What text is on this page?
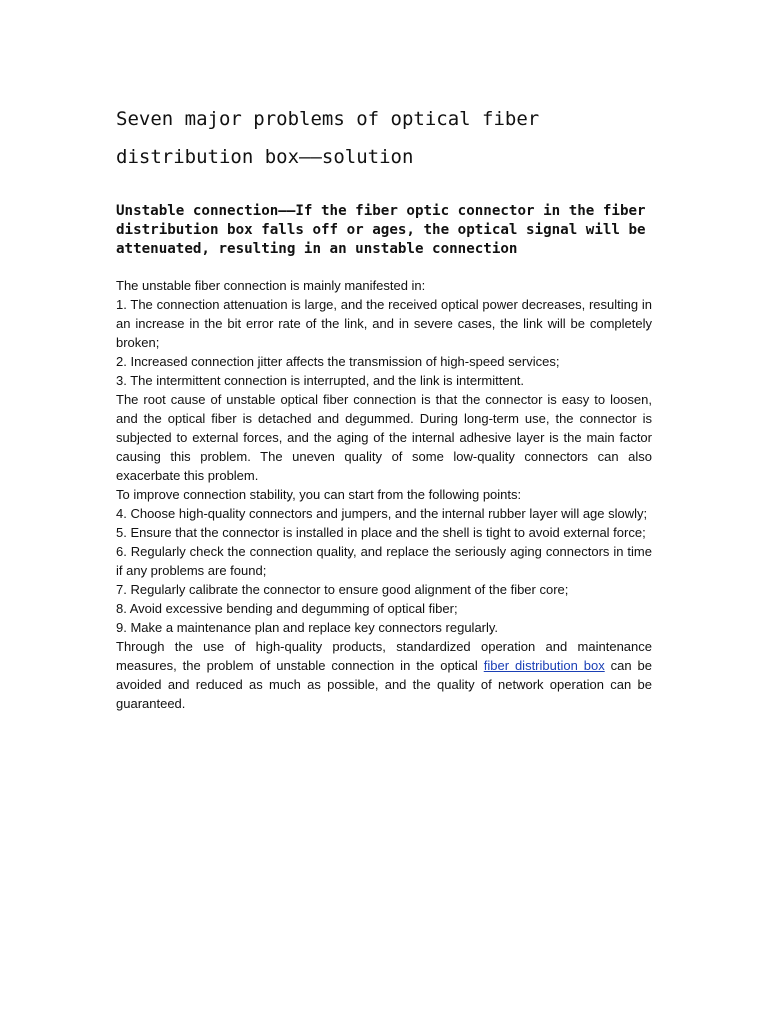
Seven major problems of optical fiber distribution box——solution
Unstable connection——If the fiber optic connector in the fiber distribution box falls off or ages, the optical signal will be attenuated, resulting in an unstable connection

The unstable fiber connection is mainly manifested in:

1. The connection attenuation is large, and the received optical power decreases, resulting in an increase in the bit error rate of the link, and in severe cases, the link will be completely broken;

2. Increased connection jitter affects the transmission of high-speed services;

3. The intermittent connection is interrupted, and the link is intermittent.

The root cause of unstable optical fiber connection is that the connector is easy to loosen, and the optical fiber is detached and degummed. During long-term use, the connector is subjected to external forces, and the aging of the internal adhesive layer is the main factor causing this problem. The uneven quality of some low-quality connectors can also exacerbate this problem.

To improve connection stability, you can start from the following points:

4. Choose high-quality connectors and jumpers, and the internal rubber layer will age slowly;

5. Ensure that the connector is installed in place and the shell is tight to avoid external force;

6. Regularly check the connection quality, and replace the seriously aging connectors in time if any problems are found;

7. Regularly calibrate the connector to ensure good alignment of the fiber core;

8. Avoid excessive bending and degumming of optical fiber;

9. Make a maintenance plan and replace key connectors regularly.

Through the use of high-quality products, standardized operation and maintenance measures, the problem of unstable connection in the optical fiber distribution box can be avoided and reduced as much as possible, and the quality of network operation can be guaranteed.
